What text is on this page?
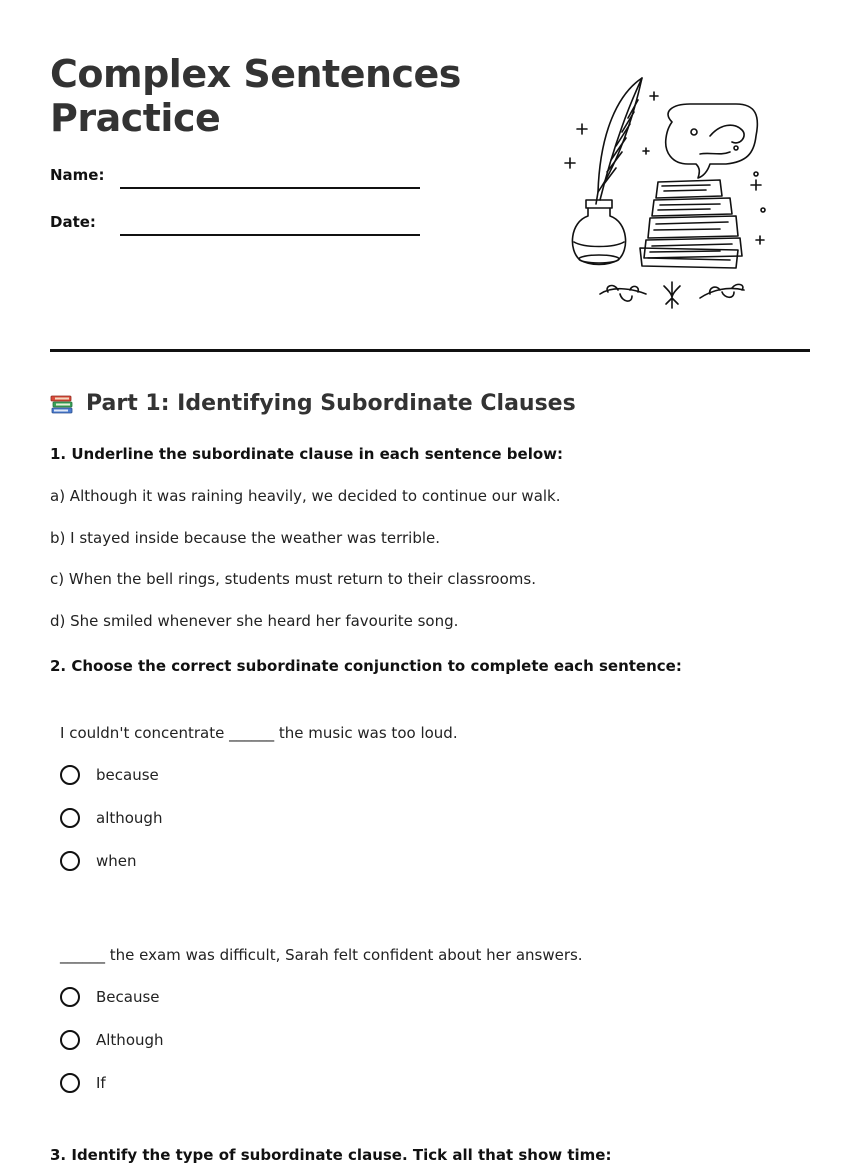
Complex Sentences
Practice
Name:
Date:
Part 1: Identifying Subordinate Clauses

1. Underline the subordinate clause in each sentence below:

a) Although it was raining heavily, we decided to continue our walk.

b) I stayed inside because the weather was terrible.

c) When the bell rings, students must return to their classrooms.

d) She smiled whenever she heard her favourite song.

2. Choose the correct subordinate conjunction to complete each sentence:

I couldn't concentrate ______ the music was too loud.

because
although
when

______ the exam was difficult, Sarah felt confident about her answers.

Because
Although
If

3. Identify the type of subordinate clause. Tick all that show time:
